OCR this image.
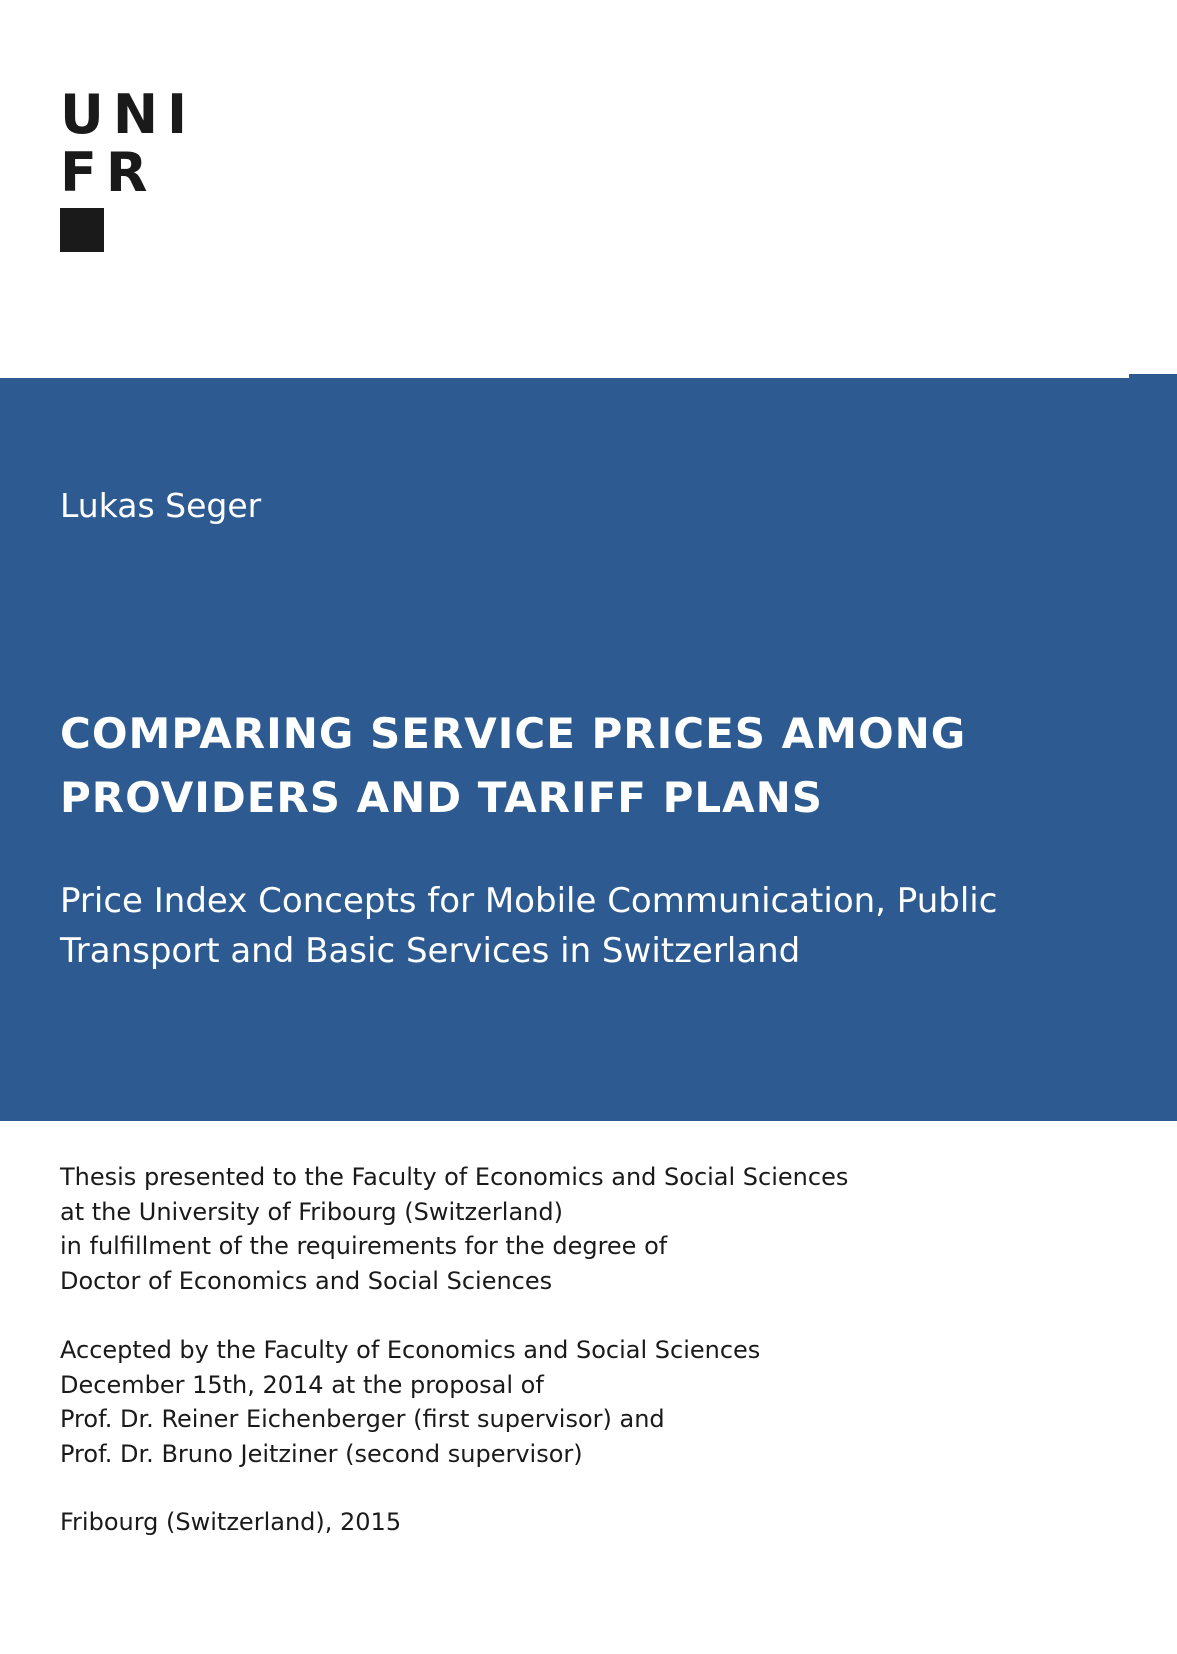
UNI
FR
Lukas Seger
COMPARING SERVICE PRICES AMONG
PROVIDERS AND TARIFF PLANS
Price Index Concepts for Mobile Communication, Public
Transport and Basic Services in Switzerland
Thesis presented to the Faculty of Economics and Social Sciences
at the University of Fribourg (Switzerland)
in fulfillment of the requirements for the degree of
Doctor of Economics and Social Sciences
Accepted by the Faculty of Economics and Social Sciences
December 15th, 2014 at the proposal of
Prof. Dr. Reiner Eichenberger (first supervisor) and
Prof. Dr. Bruno Jeitziner (second supervisor)
Fribourg (Switzerland), 2015
